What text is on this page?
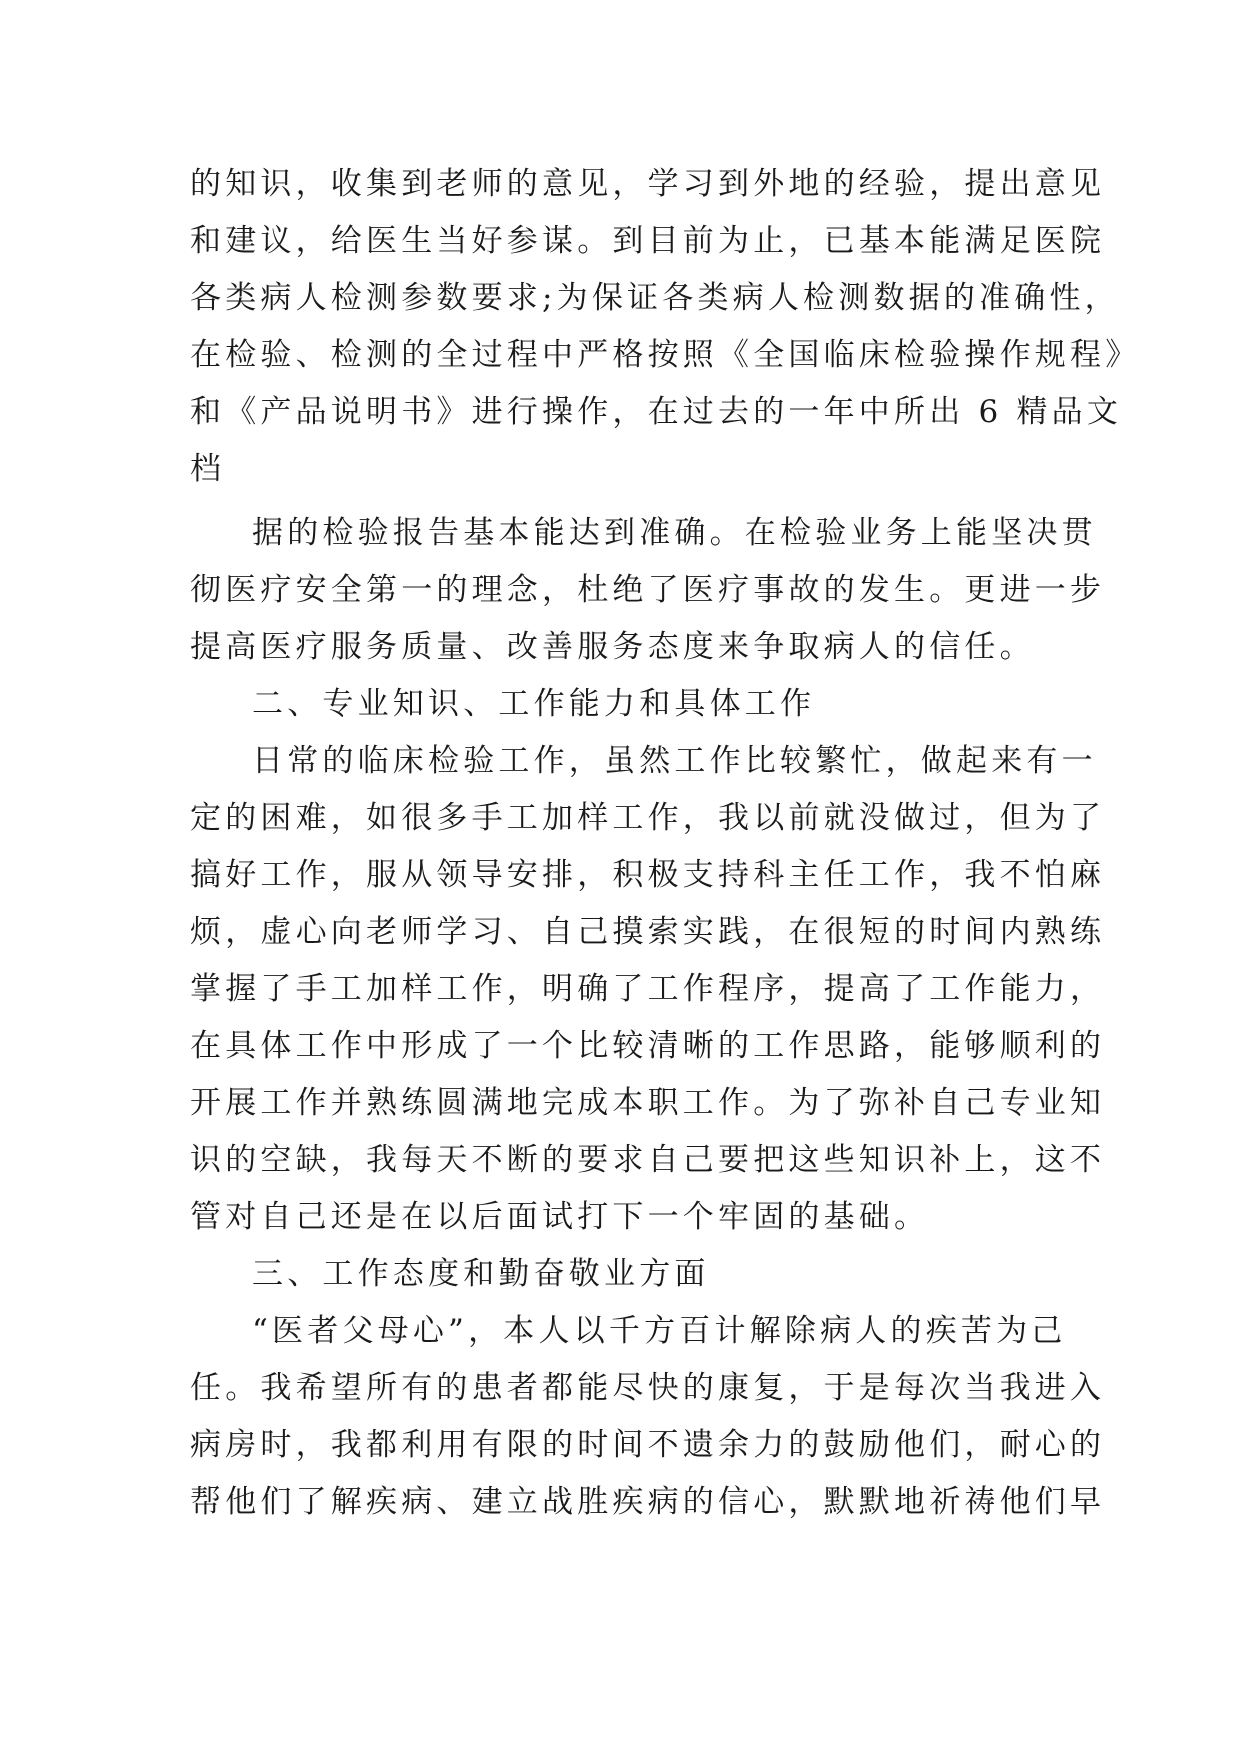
的知识，收集到老师的意见，学习到外地的经验，提出意见
和建议，给医生当好参谋。到目前为止，已基本能满足医院
各类病人检测参数要求;为保证各类病人检测数据的准确性，
在检验、检测的全过程中严格按照《全国临床检验操作规程》
和《产品说明书》进行操作，在过去的一年中所出 6 精品文
档
据的检验报告基本能达到准确。在检验业务上能坚决贯
彻医疗安全第一的理念，杜绝了医疗事故的发生。更进一步
提高医疗服务质量、改善服务态度来争取病人的信任。
二、专业知识、工作能力和具体工作
日常的临床检验工作，虽然工作比较繁忙，做起来有一
定的困难，如很多手工加样工作，我以前就没做过，但为了
搞好工作，服从领导安排，积极支持科主任工作，我不怕麻
烦，虚心向老师学习、自己摸索实践，在很短的时间内熟练
掌握了手工加样工作，明确了工作程序，提高了工作能力，
在具体工作中形成了一个比较清晰的工作思路，能够顺利的
开展工作并熟练圆满地完成本职工作。为了弥补自己专业知
识的空缺，我每天不断的要求自己要把这些知识补上，这不
管对自己还是在以后面试打下一个牢固的基础。
三、工作态度和勤奋敬业方面
“医者父母心”，本人以千方百计解除病人的疾苦为己
任。我希望所有的患者都能尽快的康复，于是每次当我进入
病房时，我都利用有限的时间不遗余力的鼓励他们，耐心的
帮他们了解疾病、建立战胜疾病的信心，默默地祈祷他们早
